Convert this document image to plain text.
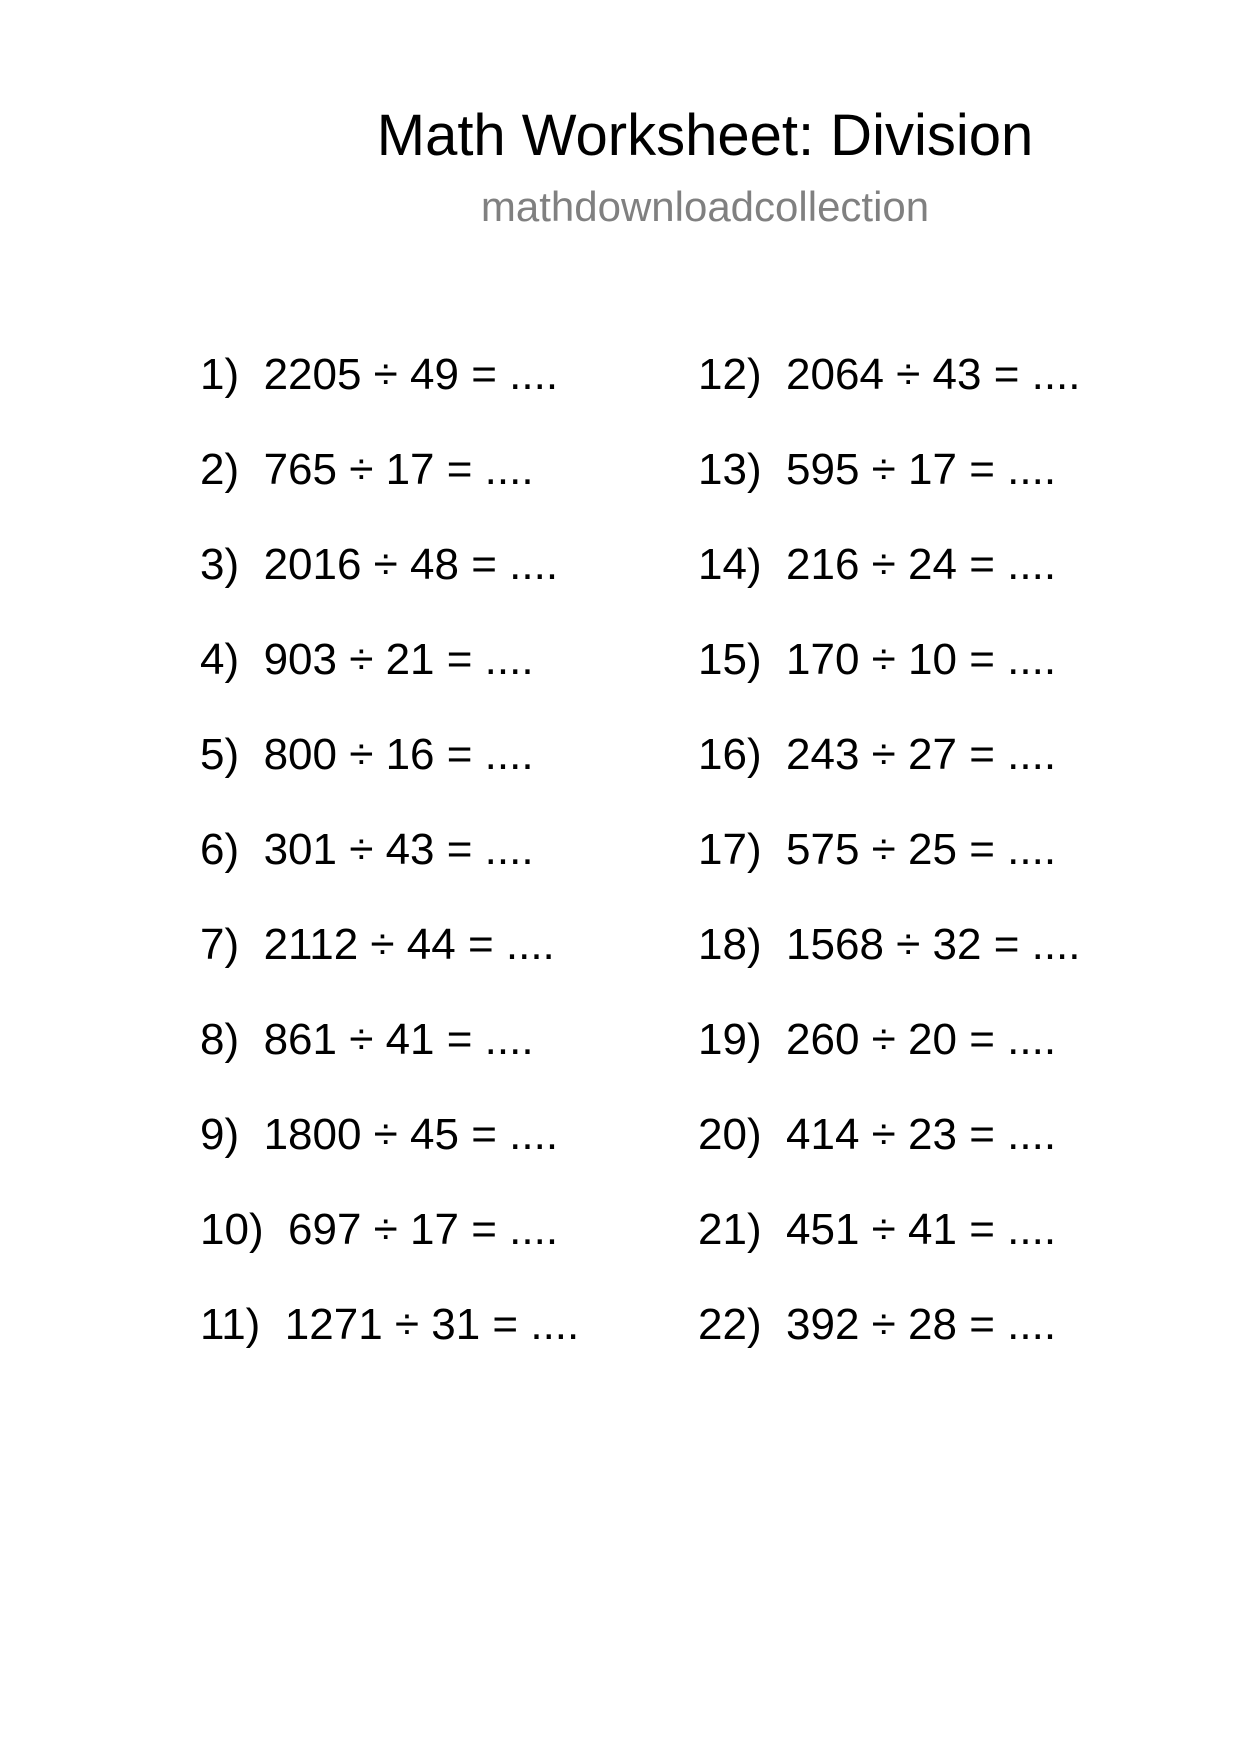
Math Worksheet: Division
mathdownloadcollection
1)  2205 ÷ 49 = ....
2)  765 ÷ 17 = ....
3)  2016 ÷ 48 = ....
4)  903 ÷ 21 = ....
5)  800 ÷ 16 = ....
6)  301 ÷ 43 = ....
7)  2112 ÷ 44 = ....
8)  861 ÷ 41 = ....
9)  1800 ÷ 45 = ....
10)  697 ÷ 17 = ....
11)  1271 ÷ 31 = ....
12)  2064 ÷ 43 = ....
13)  595 ÷ 17 = ....
14)  216 ÷ 24 = ....
15)  170 ÷ 10 = ....
16)  243 ÷ 27 = ....
17)  575 ÷ 25 = ....
18)  1568 ÷ 32 = ....
19)  260 ÷ 20 = ....
20)  414 ÷ 23 = ....
21)  451 ÷ 41 = ....
22)  392 ÷ 28 = ....
